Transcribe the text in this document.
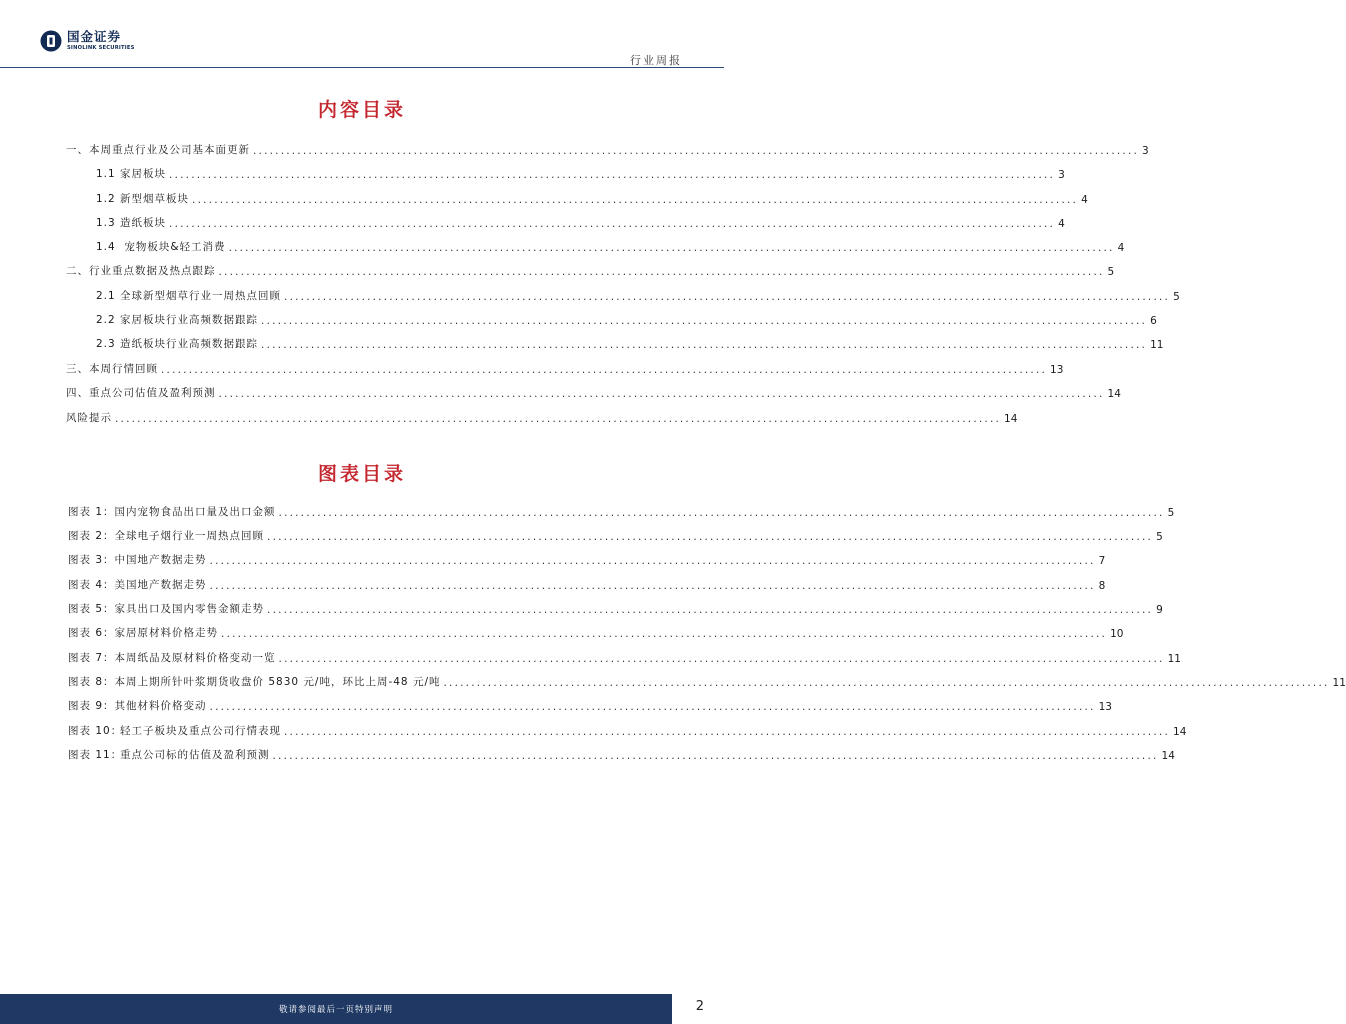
国金证券
SINOLINK SECURITIES
行业周报
内容目录
一、本周重点行业及公司基本面更新 ................................................................................................................................................................ 3
1.1 家居板块 ................................................................................................................................................................ 3
1.2 新型烟草板块 ................................................................................................................................................................ 4
1.3 造纸板块 ................................................................................................................................................................ 4
1.4  宠物板块&轻工消费 ................................................................................................................................................................ 4
二、行业重点数据及热点跟踪 ................................................................................................................................................................ 5
2.1 全球新型烟草行业一周热点回顾 ................................................................................................................................................................ 5
2.2 家居板块行业高频数据跟踪 ................................................................................................................................................................ 6
2.3 造纸板块行业高频数据跟踪 ................................................................................................................................................................ 11
三、本周行情回顾 ................................................................................................................................................................ 13
四、重点公司估值及盈利预测 ................................................................................................................................................................ 14
风险提示 ................................................................................................................................................................ 14
图表目录
图表 1： 国内宠物食品出口量及出口金额 ................................................................................................................................................................ 5
图表 2： 全球电子烟行业一周热点回顾 ................................................................................................................................................................ 5
图表 3： 中国地产数据走势 ................................................................................................................................................................ 7
图表 4： 美国地产数据走势 ................................................................................................................................................................ 8
图表 5： 家具出口及国内零售金额走势 ................................................................................................................................................................ 9
图表 6： 家居原材料价格走势 ................................................................................................................................................................ 10
图表 7： 本周纸品及原材料价格变动一览 ................................................................................................................................................................ 11
图表 8： 本周上期所针叶浆期货收盘价 5830 元/吨，环比上周-48 元/吨 ................................................................................................................................................................ 11
图表 9： 其他材料价格变动 ................................................................................................................................................................ 13
图表 10：
轻工子板块及重点公司行情表现 ................................................................................................................................................................ 14
图表 11：
重点公司标的估值及盈利预测 ................................................................................................................................................................ 14
敬请参阅最后一页特别声明	2
